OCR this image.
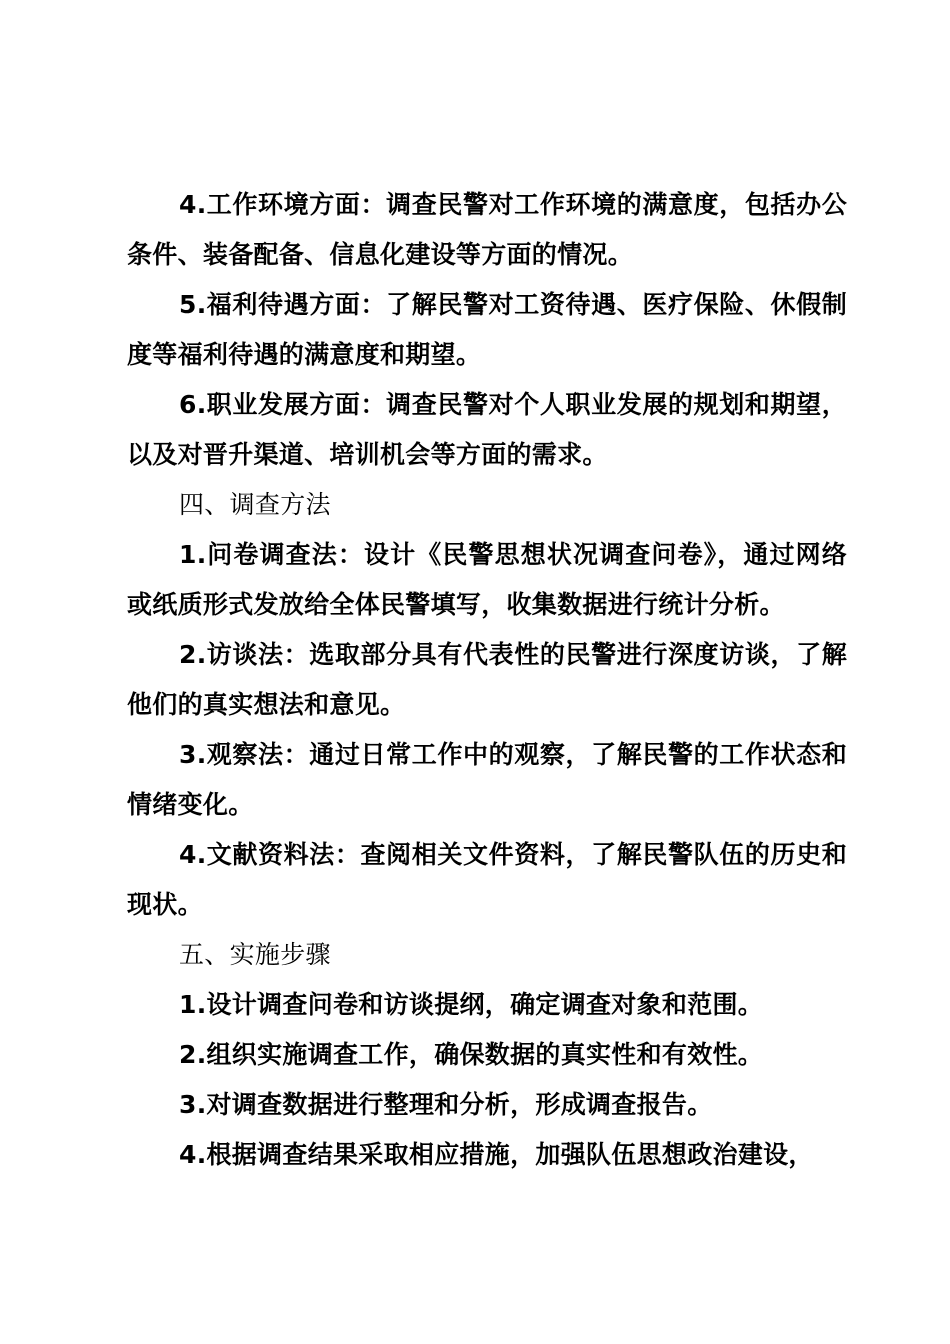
4.工作环境方面：调查民警对工作环境的满意度，包括办公条件、装备配备、信息化建设等方面的情况。

5.福利待遇方面：了解民警对工资待遇、医疗保险、休假制度等福利待遇的满意度和期望。

6.职业发展方面：调查民警对个人职业发展的规划和期望，以及对晋升渠道、培训机会等方面的需求。

四、调查方法

1.问卷调查法：设计《民警思想状况调查问卷》，通过网络或纸质形式发放给全体民警填写，收集数据进行统计分析。

2.访谈法：选取部分具有代表性的民警进行深度访谈，了解他们的真实想法和意见。

3.观察法：通过日常工作中的观察，了解民警的工作状态和情绪变化。

4.文献资料法：查阅相关文件资料，了解民警队伍的历史和现状。

五、实施步骤

1.设计调查问卷和访谈提纲，确定调查对象和范围。

2.组织实施调查工作，确保数据的真实性和有效性。

3.对调查数据进行整理和分析，形成调查报告。

4.根据调查结果采取相应措施，加强队伍思想政治建设，
